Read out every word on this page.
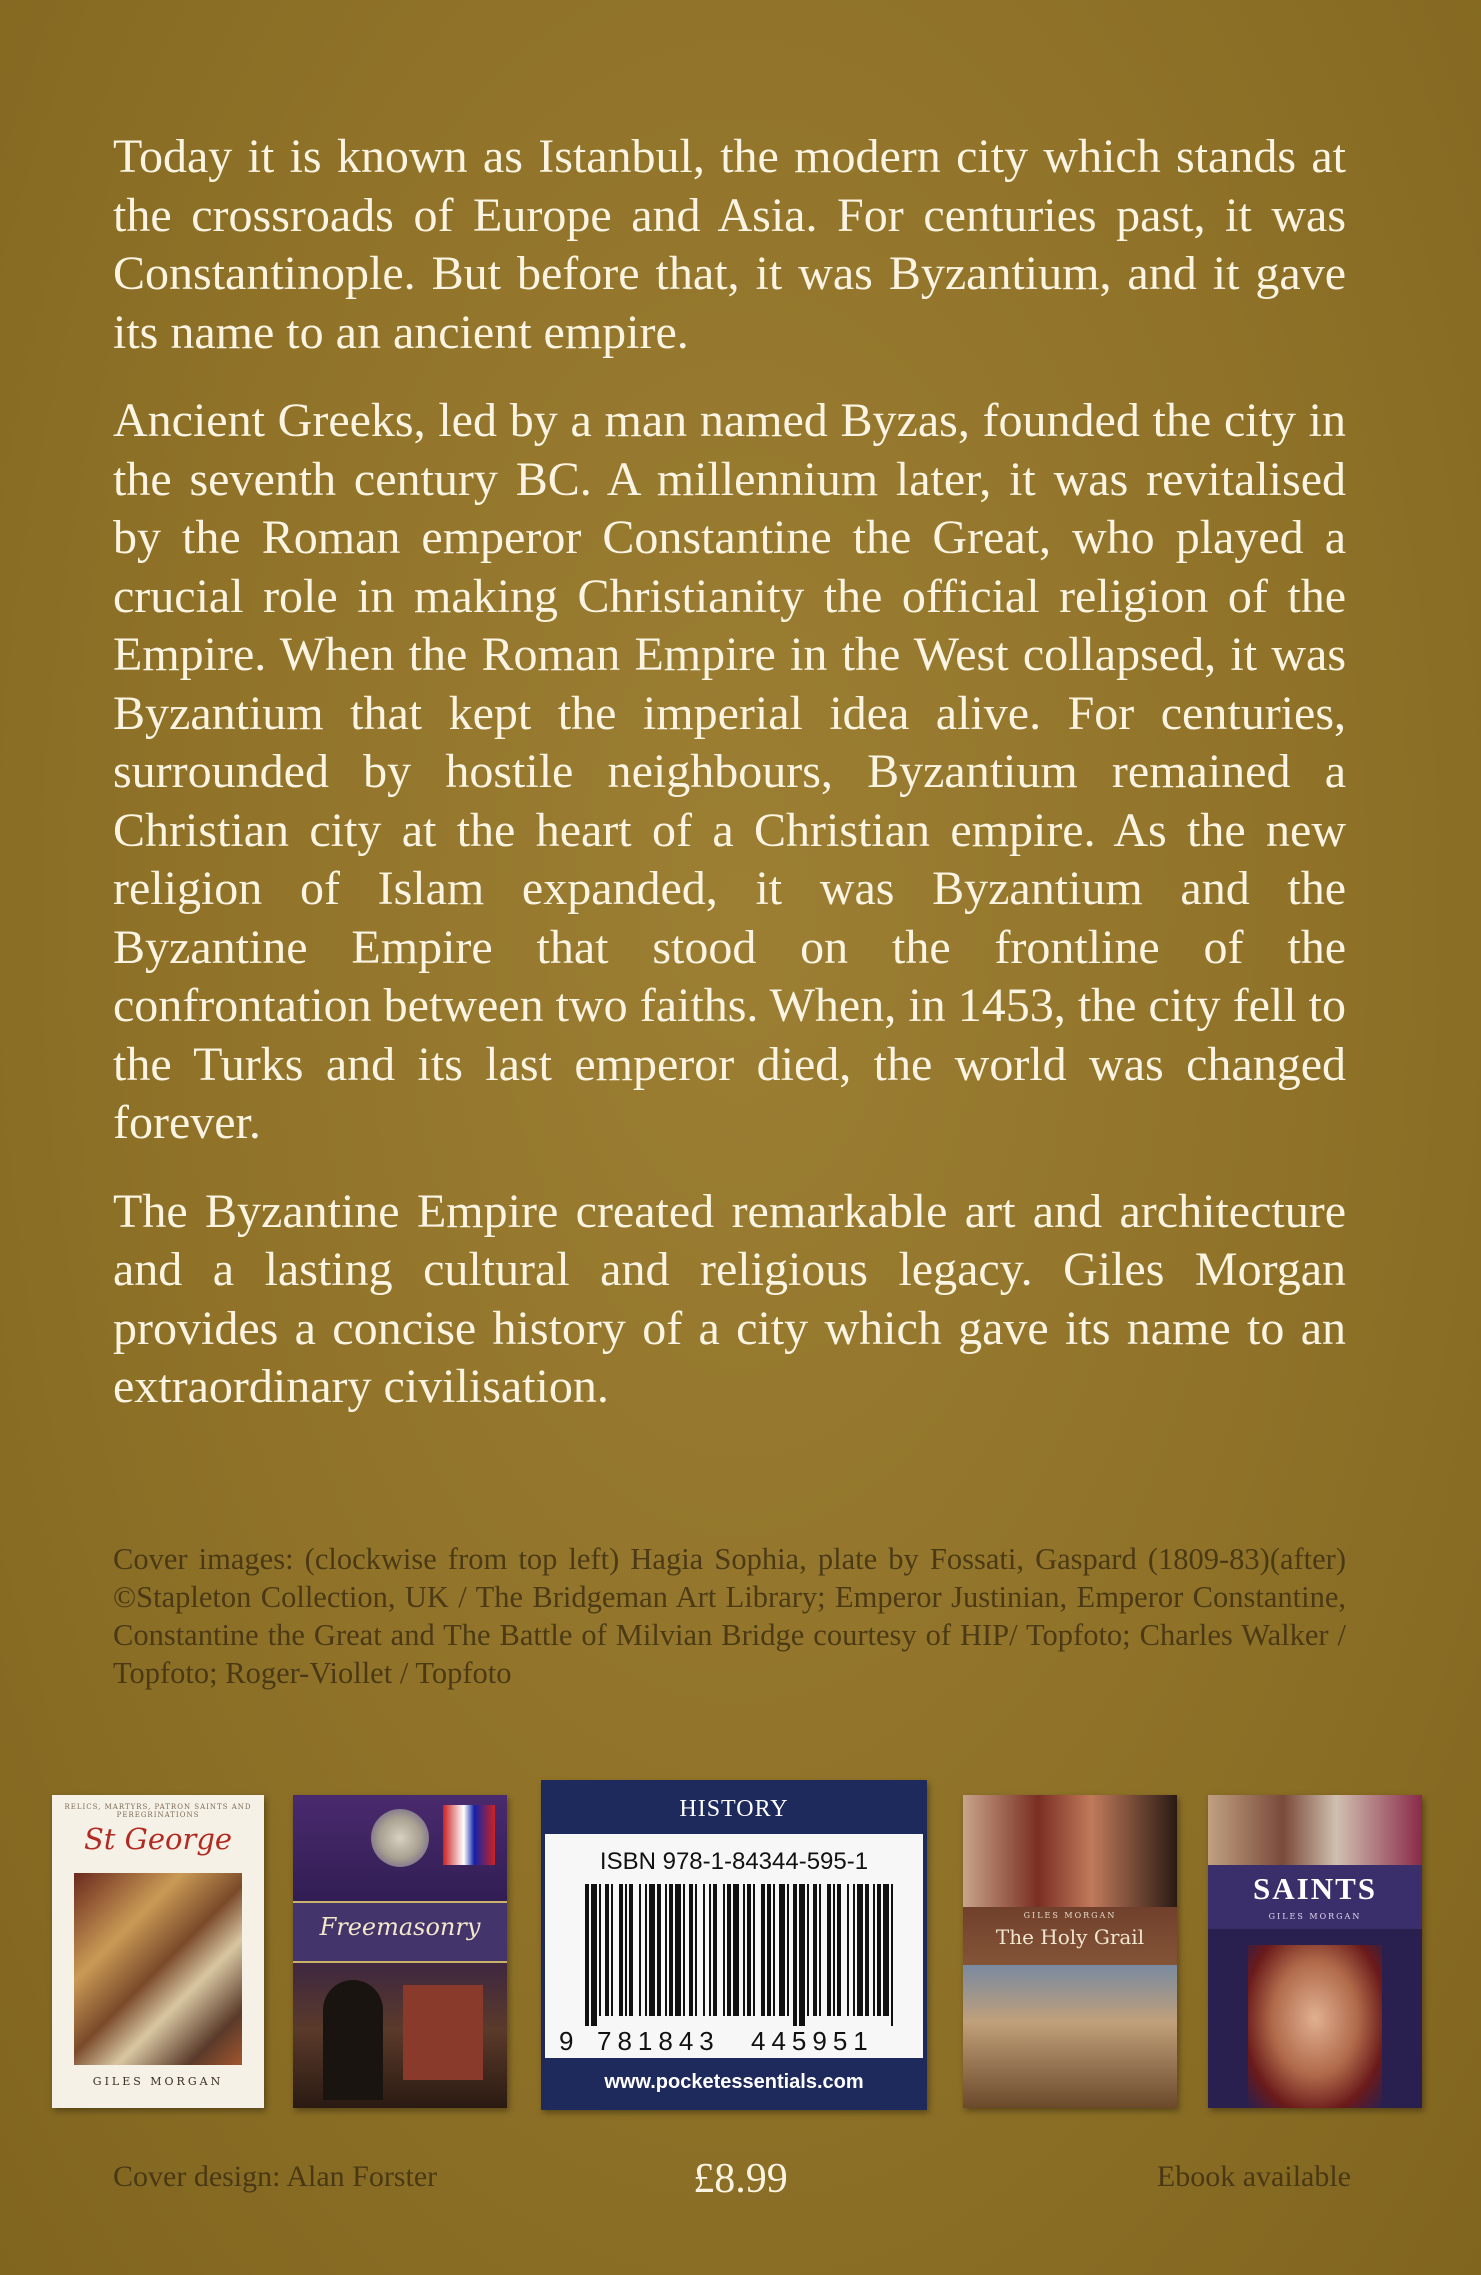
Today it is known as Istanbul, the modern city which stands at the crossroads of Europe and Asia. For centuries past, it was Constantinople. But before that, it was Byzantium, and it gave its name to an ancient empire.

Ancient Greeks, led by a man named Byzas, founded the city in the seventh century BC. A millennium later, it was revitalised by the Roman emperor Constantine the Great, who played a crucial role in making Christianity the official religion of the Empire. When the Roman Empire in the West collapsed, it was Byzantium that kept the imperial idea alive. For centuries, surrounded by hostile neighbours, Byzantium remained a Christian city at the heart of a Christian empire. As the new religion of Islam expanded, it was Byzantium and the Byzantine Empire that stood on the frontline of the confrontation between two faiths. When, in 1453, the city fell to the Turks and its last emperor died, the world was changed forever.

The Byzantine Empire created remarkable art and architecture and a lasting cultural and religious legacy. Giles Morgan provides a concise history of a city which gave its name to an extraordinary civilisation.

Cover images: (clockwise from top left) Hagia Sophia, plate by Fossati, Gaspard (1809-83)(after) ©Stapleton Collection, UK / The Bridgeman Art Library; Emperor Justinian, Emperor Constantine, Constantine the Great and The Battle of Milvian Bridge courtesy of HIP/ Topfoto; Charles Walker / Topfoto; Roger-Viollet / Topfoto
RELICS, MARTYRS, PATRON SAINTS AND PEREGRINATIONS
St George
GILES MORGAN
Freemasonry
HISTORY
ISBN 978-1-84344-595-1
9 781843 445951
www.pocketessentials.com
GILES MORGAN
The Holy Grail
SAINTS
GILES MORGAN
Cover design: Alan Forster	£8.99	Ebook available
